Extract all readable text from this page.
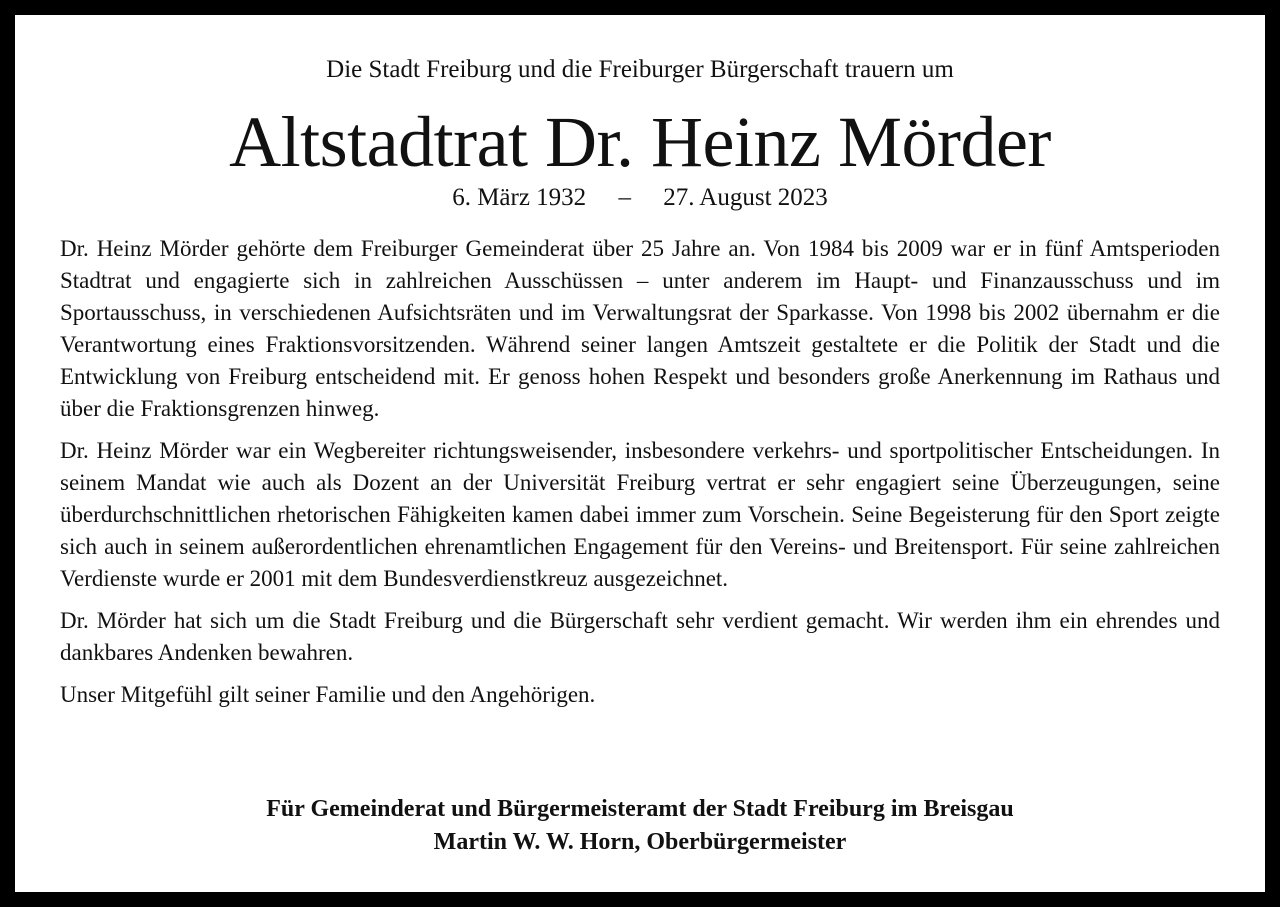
Die Stadt Freiburg und die Freiburger Bürgerschaft trauern um
Altstadtrat Dr. Heinz Mörder
6. März 1932 – 27. August 2023

Dr. Heinz Mörder gehörte dem Freiburger Gemeinderat über 25 Jahre an. Von 1984 bis 2009 war er in fünf Amtsperioden Stadtrat und engagierte sich in zahlreichen Ausschüssen – unter anderem im Haupt- und Finanzausschuss und im Sportausschuss, in verschiedenen Aufsichtsräten und im Verwaltungsrat der Sparkasse. Von 1998 bis 2002 übernahm er die Verantwortung eines Fraktionsvorsitzenden. Während seiner langen Amtszeit gestaltete er die Politik der Stadt und die Entwicklung von Freiburg entscheidend mit. Er genoss hohen Respekt und besonders große Anerkennung im Rathaus und über die Fraktionsgrenzen hinweg.

Dr. Heinz Mörder war ein Wegbereiter richtungsweisender, insbesondere verkehrs- und sportpolitischer Entscheidungen. In seinem Mandat wie auch als Dozent an der Universität Freiburg vertrat er sehr engagiert seine Überzeugungen, seine überdurchschnittlichen rhetorischen Fähigkeiten kamen dabei immer zum Vorschein. Seine Begeisterung für den Sport zeigte sich auch in seinem außerordentlichen ehrenamtlichen Engagement für den Vereins- und Breitensport. Für seine zahlreichen Verdienste wurde er 2001 mit dem Bundesverdienstkreuz ausgezeichnet.

Dr. Mörder hat sich um die Stadt Freiburg und die Bürgerschaft sehr verdient gemacht. Wir werden ihm ein ehrendes und dankbares Andenken bewahren.

Unser Mitgefühl gilt seiner Familie und den Angehörigen.

Für Gemeinderat und Bürgermeisteramt der Stadt Freiburg im Breisgau
Martin W. W. Horn, Oberbürgermeister
